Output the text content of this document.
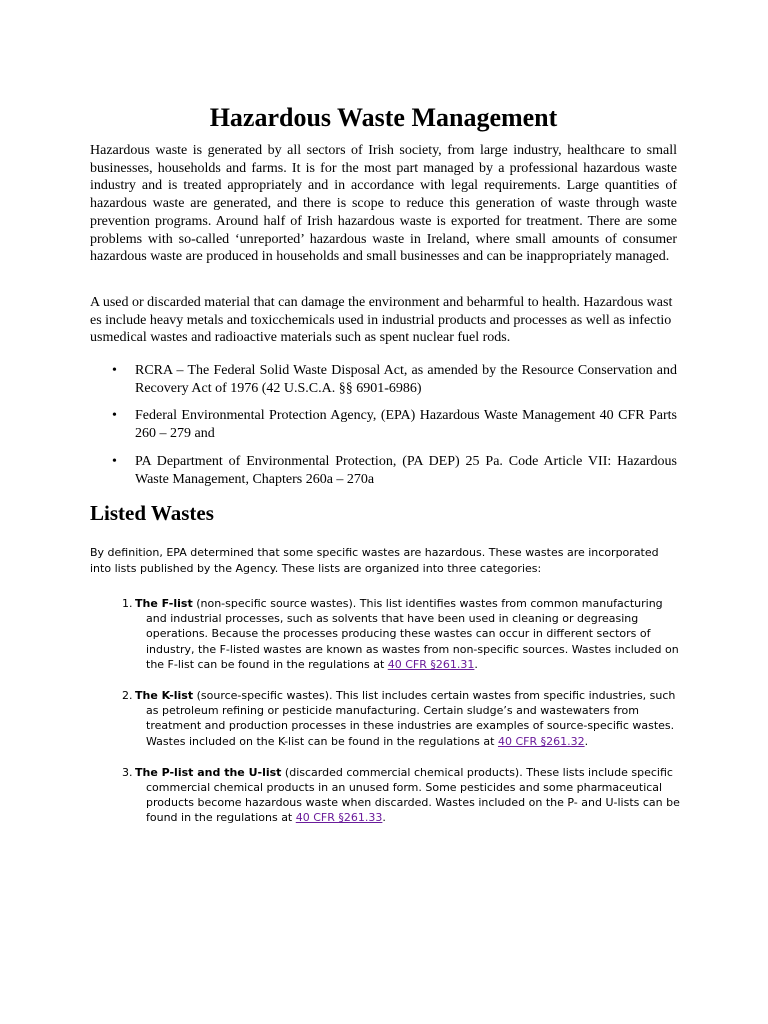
Hazardous Waste Management

Hazardous waste is generated by all sectors of Irish society, from large industry, healthcare to small businesses, households and farms. It is for the most part managed by a professional hazardous waste industry and is treated appropriately and in accordance with legal requirements. Large quantities of hazardous waste are generated, and there is scope to reduce this generation of waste through waste prevention programs. Around half of Irish hazardous waste is exported for treatment. There are some problems with so-called ‘unreported’ hazardous waste in Ireland, where small amounts of consumer hazardous waste are produced in households and small businesses and can be inappropriately managed.

A used or discarded material that can damage the environment and beharmful to health. Hazardous wastes include heavy metals and toxicchemicals used in industrial products and processes as well as infectiousmedical wastes and radioactive materials such as spent nuclear fuel rods.

• RCRA – The Federal Solid Waste Disposal Act, as amended by the Resource Conservation and Recovery Act of 1976 (42 U.S.C.A. §§ 6901-6986)
• Federal Environmental Protection Agency, (EPA) Hazardous Waste Management 40 CFR Parts 260 – 279 and
• PA Department of Environmental Protection, (PA DEP) 25 Pa. Code Article VII: Hazardous Waste Management, Chapters 260a – 270a
Listed Wastes

By definition, EPA determined that some specific wastes are hazardous. These wastes are incorporated into lists published by the Agency. These lists are organized into three categories:

1. The F-list (non-specific source wastes). This list identifies wastes from common manufacturing and industrial processes, such as solvents that have been used in cleaning or degreasing operations. Because the processes producing these wastes can occur in different sectors of industry, the F-listed wastes are known as wastes from non-specific sources. Wastes included on the F-list can be found in the regulations at 40 CFR §261.31.
2. The K-list (source-specific wastes). This list includes certain wastes from specific industries, such as petroleum refining or pesticide manufacturing. Certain sludge’s and wastewaters from treatment and production processes in these industries are examples of source-specific wastes. Wastes included on the K-list can be found in the regulations at 40 CFR §261.32.
3. The P-list and the U-list (discarded commercial chemical products). These lists include specific commercial chemical products in an unused form. Some pesticides and some pharmaceutical products become hazardous waste when discarded. Wastes included on the P- and U-lists can be found in the regulations at 40 CFR §261.33.
